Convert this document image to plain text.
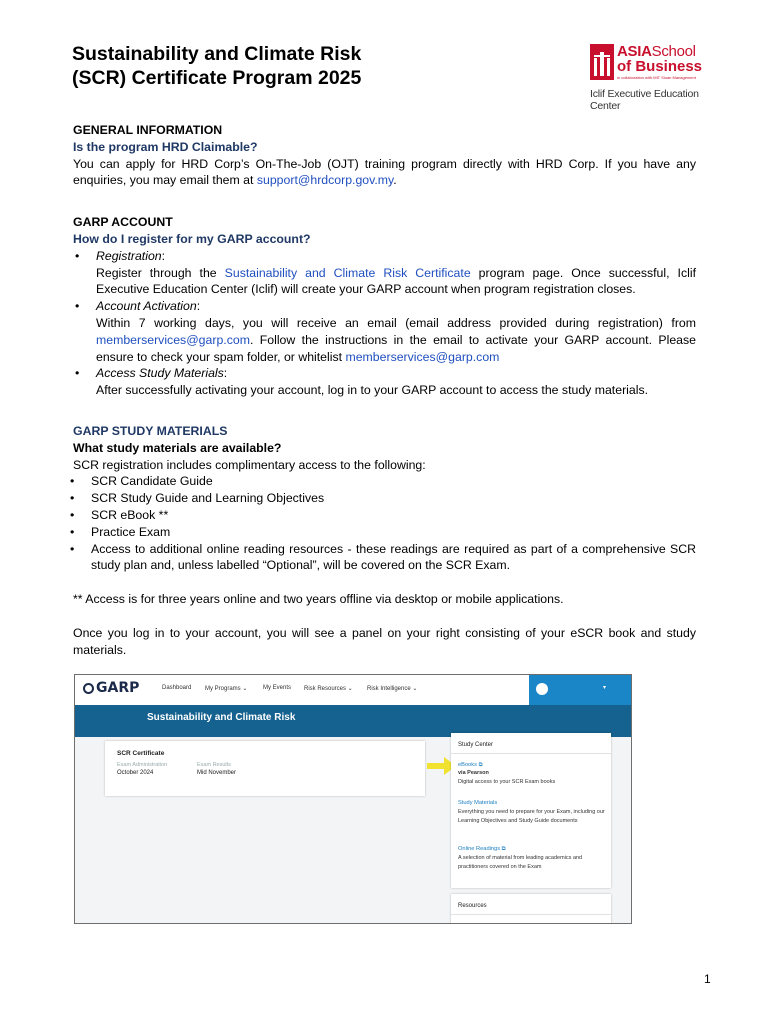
Sustainability and Climate Risk
(SCR) Certificate Program 2025
ASIASchool
of Business
in collaboration with MIT Sloan Management
Iclif Executive Education Center
GENERAL INFORMATION
Is the program HRD Claimable?

You can apply for HRD Corp’s On-The-Job (OJT) training program directly with HRD Corp. If you have any enquiries, you may email them at support@hrdcorp.gov.my.

GARP ACCOUNT
How do I register for my GARP account?
• Registration:
Register through the Sustainability and Climate Risk Certificate program page. Once successful, Iclif Executive Education Center (Iclif) will create your GARP account when program registration closes.
• Account Activation:
Within 7 working days, you will receive an email (email address provided during registration) from memberservices@garp.com. Follow the instructions in the email to activate your GARP account. Please ensure to check your spam folder, or whitelist memberservices@garp.com
• Access Study Materials:
After successfully activating your account, log in to your GARP account to access the study materials.
GARP STUDY MATERIALS
What study materials are available?
SCR registration includes complimentary access to the following:
• SCR Candidate Guide
• SCR Study Guide and Learning Objectives
• SCR eBook **
• Practice Exam
• Access to additional online reading resources - these readings are required as part of a comprehensive SCR study plan and, unless labelled “Optional”, will be covered on the SCR Exam.

** Access is for three years online and two years offline via desktop or mobile applications.

Once you log in to your account, you will see a panel on your right consisting of your eSCR book and study materials.

GARP	Dashboard My Programs ⌄	My Events Risk Resources ⌄ Risk Intelligence ⌄	▾
Sustainability and Climate Risk
SCR Certificate
Exam Administration
October 2024
Exam Results
Mid November
Study Center
eBooks ⧉
via Pearson
Digital access to your SCR Exam books
Study Materials
Everything you need to prepare for your Exam, including our Learning Objectives and Study Guide documents
Online Readings ⧉
A selection of material from leading academics and practitioners covered on the Exam
Resources
1
